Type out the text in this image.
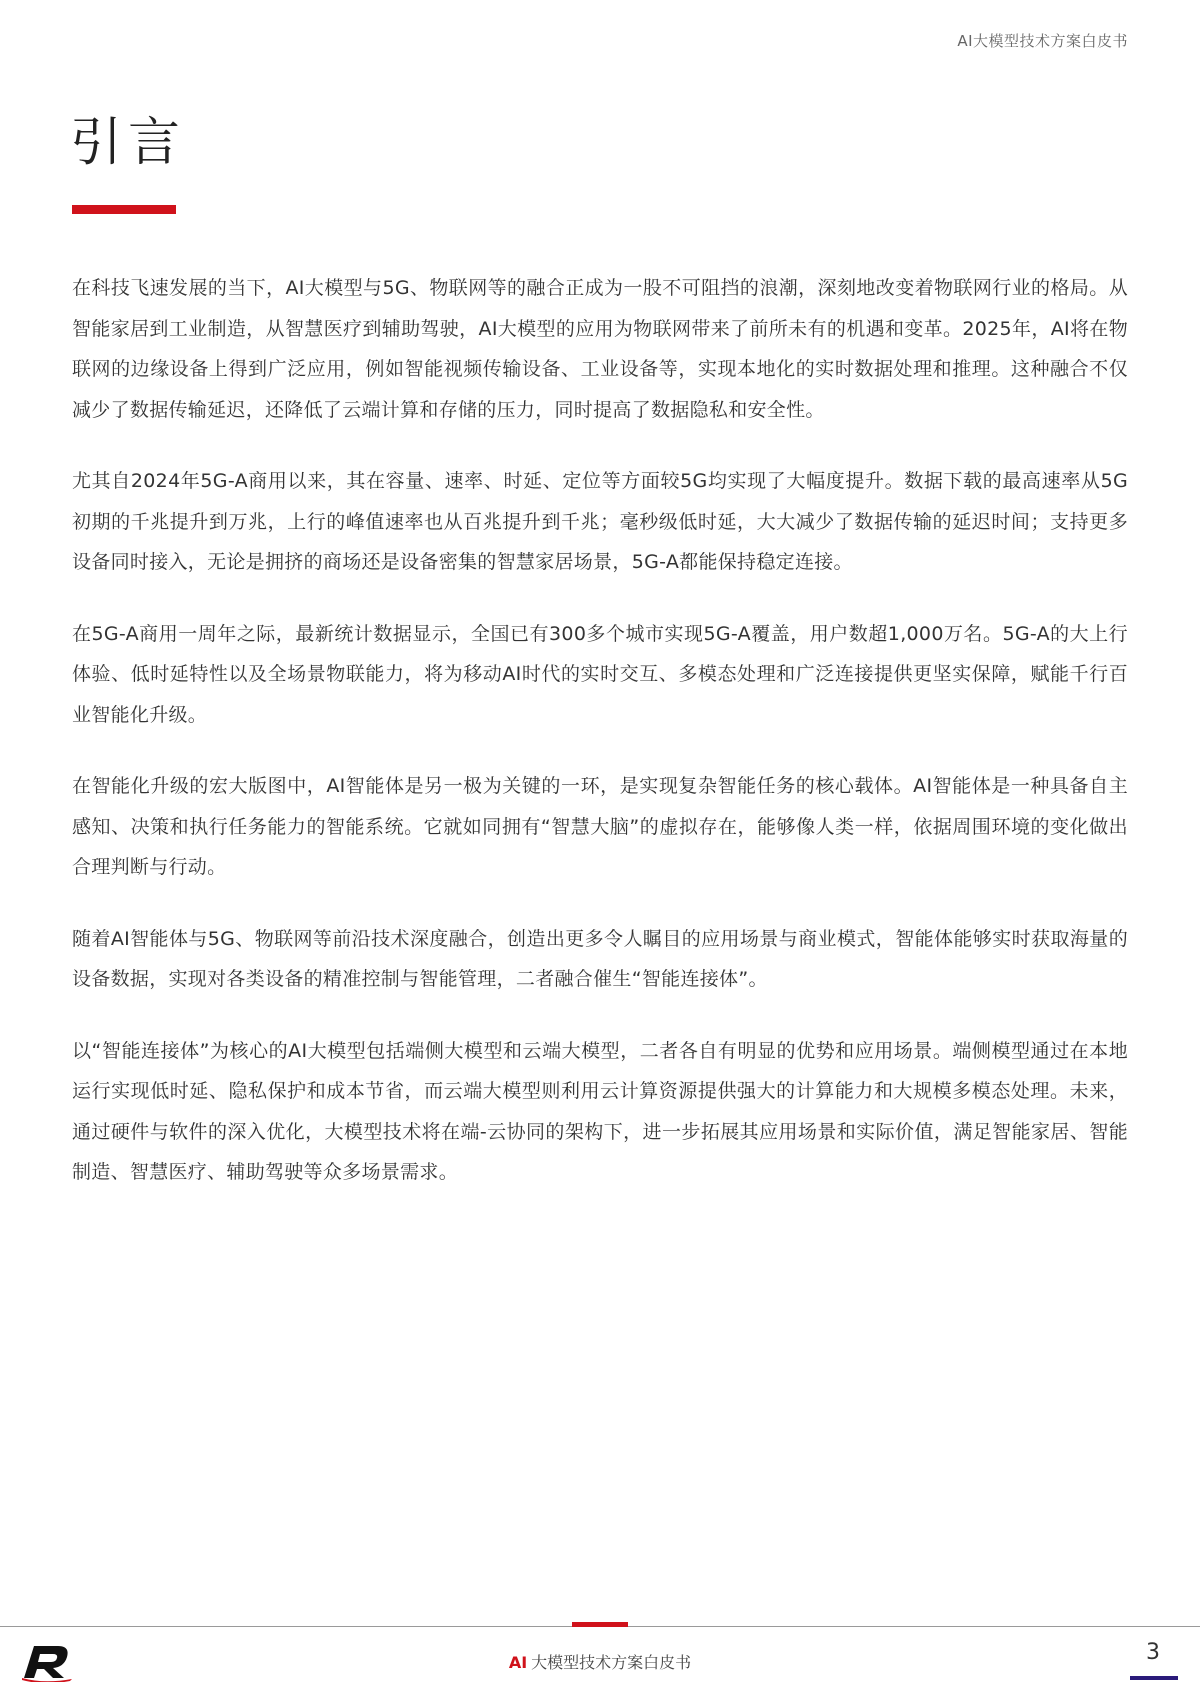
AI大模型技术方案白皮书
引言

在科技飞速发展的当下，AI大模型与5G、物联网等的融合正成为一股不可阻挡的浪潮，深刻地改变着物联网行业的格局。从智能家居到工业制造，从智慧医疗到辅助驾驶，AI大模型的应用为物联网带来了前所未有的机遇和变革。2025年，AI将在物联网的边缘设备上得到广泛应用，例如智能视频传输设备、工业设备等，实现本地化的实时数据处理和推理。这种融合不仅减少了数据传输延迟，还降低了云端计算和存储的压力，同时提高了数据隐私和安全性。

尤其自2024年5G-A商用以来，其在容量、速率、时延、定位等方面较5G均实现了大幅度提升。数据下载的最高速率从5G初期的千兆提升到万兆，上行的峰值速率也从百兆提升到千兆；毫秒级低时延，大大减少了数据传输的延迟时间；支持更多设备同时接入，无论是拥挤的商场还是设备密集的智慧家居场景，5G-A都能保持稳定连接。

在5G-A商用一周年之际，最新统计数据显示，全国已有300多个城市实现5G-A覆盖，用户数超1,000万名。5G-A的大上行体验、低时延特性以及全场景物联能力，将为移动AI时代的实时交互、多模态处理和广泛连接提供更坚实保障，赋能千行百业智能化升级。

在智能化升级的宏大版图中，AI智能体是另一极为关键的一环，是实现复杂智能任务的核心载体。AI智能体是一种具备自主感知、决策和执行任务能力的智能系统。它就如同拥有“智慧大脑”的虚拟存在，能够像人类一样，依据周围环境的变化做出合理判断与行动。

随着AI智能体与5G、物联网等前沿技术深度融合，创造出更多令人瞩目的应用场景与商业模式，智能体能够实时获取海量的设备数据，实现对各类设备的精准控制与智能管理，二者融合催生“智能连接体”。

以“智能连接体”为核心的AI大模型包括端侧大模型和云端大模型，二者各自有明显的优势和应用场景。端侧模型通过在本地运行实现低时延、隐私保护和成本节省，而云端大模型则利用云计算资源提供强大的计算能力和大规模多模态处理。未来，通过硬件与软件的深入优化，大模型技术将在端-云协同的架构下，进一步拓展其应用场景和实际价值，满足智能家居、智能制造、智慧医疗、辅助驾驶等众多场景需求。

AI 大模型技术方案白皮书	3
